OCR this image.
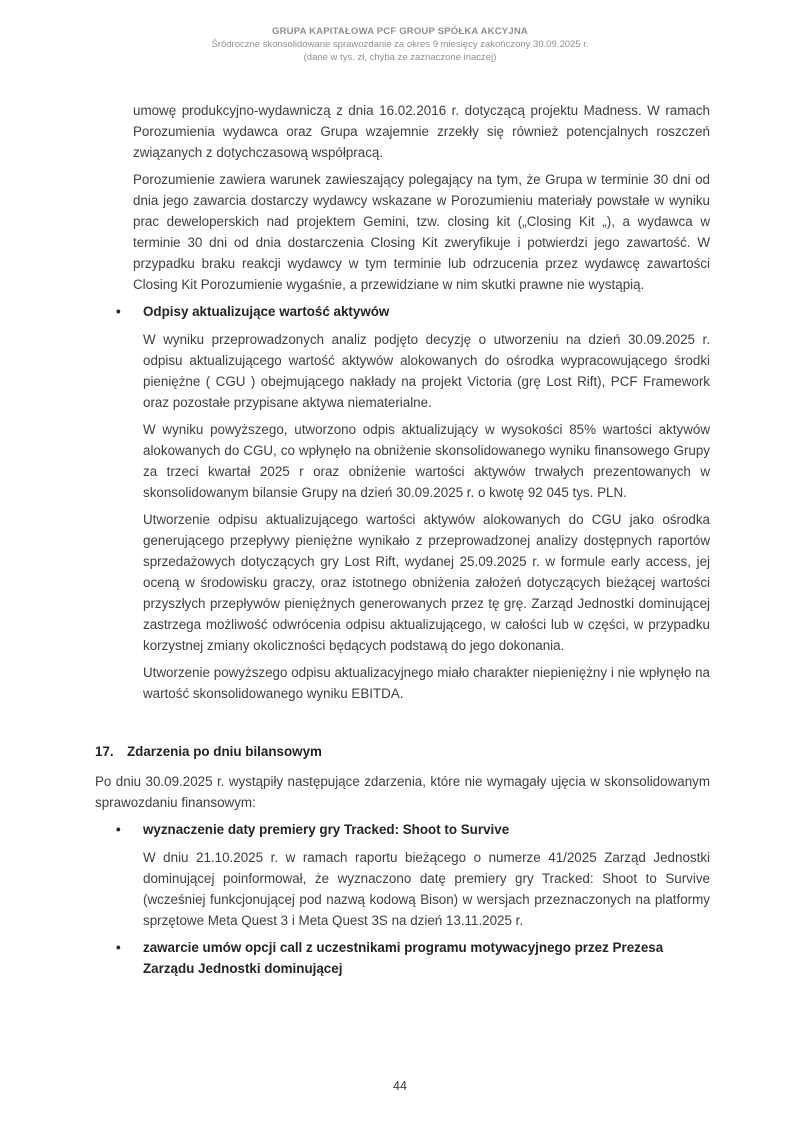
GRUPA KAPITAŁOWA PCF GROUP SPÓŁKA AKCYJNA
Śródroczne skonsolidowane sprawozdanie za okres 9 miesięcy zakończony 30.09.2025 r.
(dane w tys. zł, chyba że zaznaczone inaczej)

umowę produkcyjno-wydawniczą z dnia 16.02.2016 r. dotyczącą projektu Madness. W ramach Porozumienia wydawca oraz Grupa wzajemnie zrzekły się również potencjalnych roszczeń związanych z dotychczasową współpracą.

Porozumienie zawiera warunek zawieszający polegający na tym, że Grupa w terminie 30 dni od dnia jego zawarcia dostarczy wydawcy wskazane w Porozumieniu materiały powstałe w wyniku prac deweloperskich nad projektem Gemini, tzw. closing kit („Closing Kit „), a wydawca w terminie 30 dni od dnia dostarczenia Closing Kit zweryfikuje i potwierdzi jego zawartość. W przypadku braku reakcji wydawcy w tym terminie lub odrzucenia przez wydawcę zawartości Closing Kit Porozumienie wygaśnie, a przewidziane w nim skutki prawne nie wystąpią.

•	Odpisy aktualizujące wartość aktywów

W wyniku przeprowadzonych analiz podjęto decyzję o utworzeniu na dzień 30.09.2025 r. odpisu aktualizującego wartość aktywów alokowanych do ośrodka wypracowującego środki pieniężne ( CGU ) obejmującego nakłady na projekt Victoria (grę Lost Rift), PCF Framework oraz pozostałe przypisane aktywa niematerialne.

W wyniku powyższego, utworzono odpis aktualizujący w wysokości 85% wartości aktywów alokowanych do CGU, co wpłynęło na obniżenie skonsolidowanego wyniku finansowego Grupy za trzeci kwartał 2025 r oraz obniżenie wartości aktywów trwałych prezentowanych w skonsolidowanym bilansie Grupy na dzień 30.09.2025 r. o kwotę 92 045 tys. PLN.

Utworzenie odpisu aktualizującego wartości aktywów alokowanych do CGU jako ośrodka generującego przepływy pieniężne wynikało z przeprowadzonej analizy dostępnych raportów sprzedażowych dotyczących gry Lost Rift, wydanej 25.09.2025 r. w formule early access, jej oceną w środowisku graczy, oraz istotnego obniżenia założeń dotyczących bieżącej wartości przyszłych przepływów pieniężnych generowanych przez tę grę. Zarząd Jednostki dominującej zastrzega możliwość odwrócenia odpisu aktualizującego, w całości lub w części, w przypadku korzystnej zmiany okoliczności będących podstawą do jego dokonania.

Utworzenie powyższego odpisu aktualizacyjnego miało charakter niepieniężny i nie wpłynęło na wartość skonsolidowanego wyniku EBITDA.

17. Zdarzenia po dniu bilansowym

Po dniu 30.09.2025 r. wystąpiły następujące zdarzenia, które nie wymagały ujęcia w skonsolidowanym sprawozdaniu finansowym:

•	wyznaczenie daty premiery gry Tracked: Shoot to Survive

W dniu 21.10.2025 r. w ramach raportu bieżącego o numerze 41/2025 Zarząd Jednostki dominującej poinformował, że wyznaczono datę premiery gry Tracked: Shoot to Survive (wcześniej funkcjonującej pod nazwą kodową Bison) w wersjach przeznaczonych na platformy sprzętowe Meta Quest 3 i Meta Quest 3S na dzień 13.11.2025 r.

•	zawarcie umów opcji call z uczestnikami programu motywacyjnego przez Prezesa Zarządu Jednostki dominującej
44
